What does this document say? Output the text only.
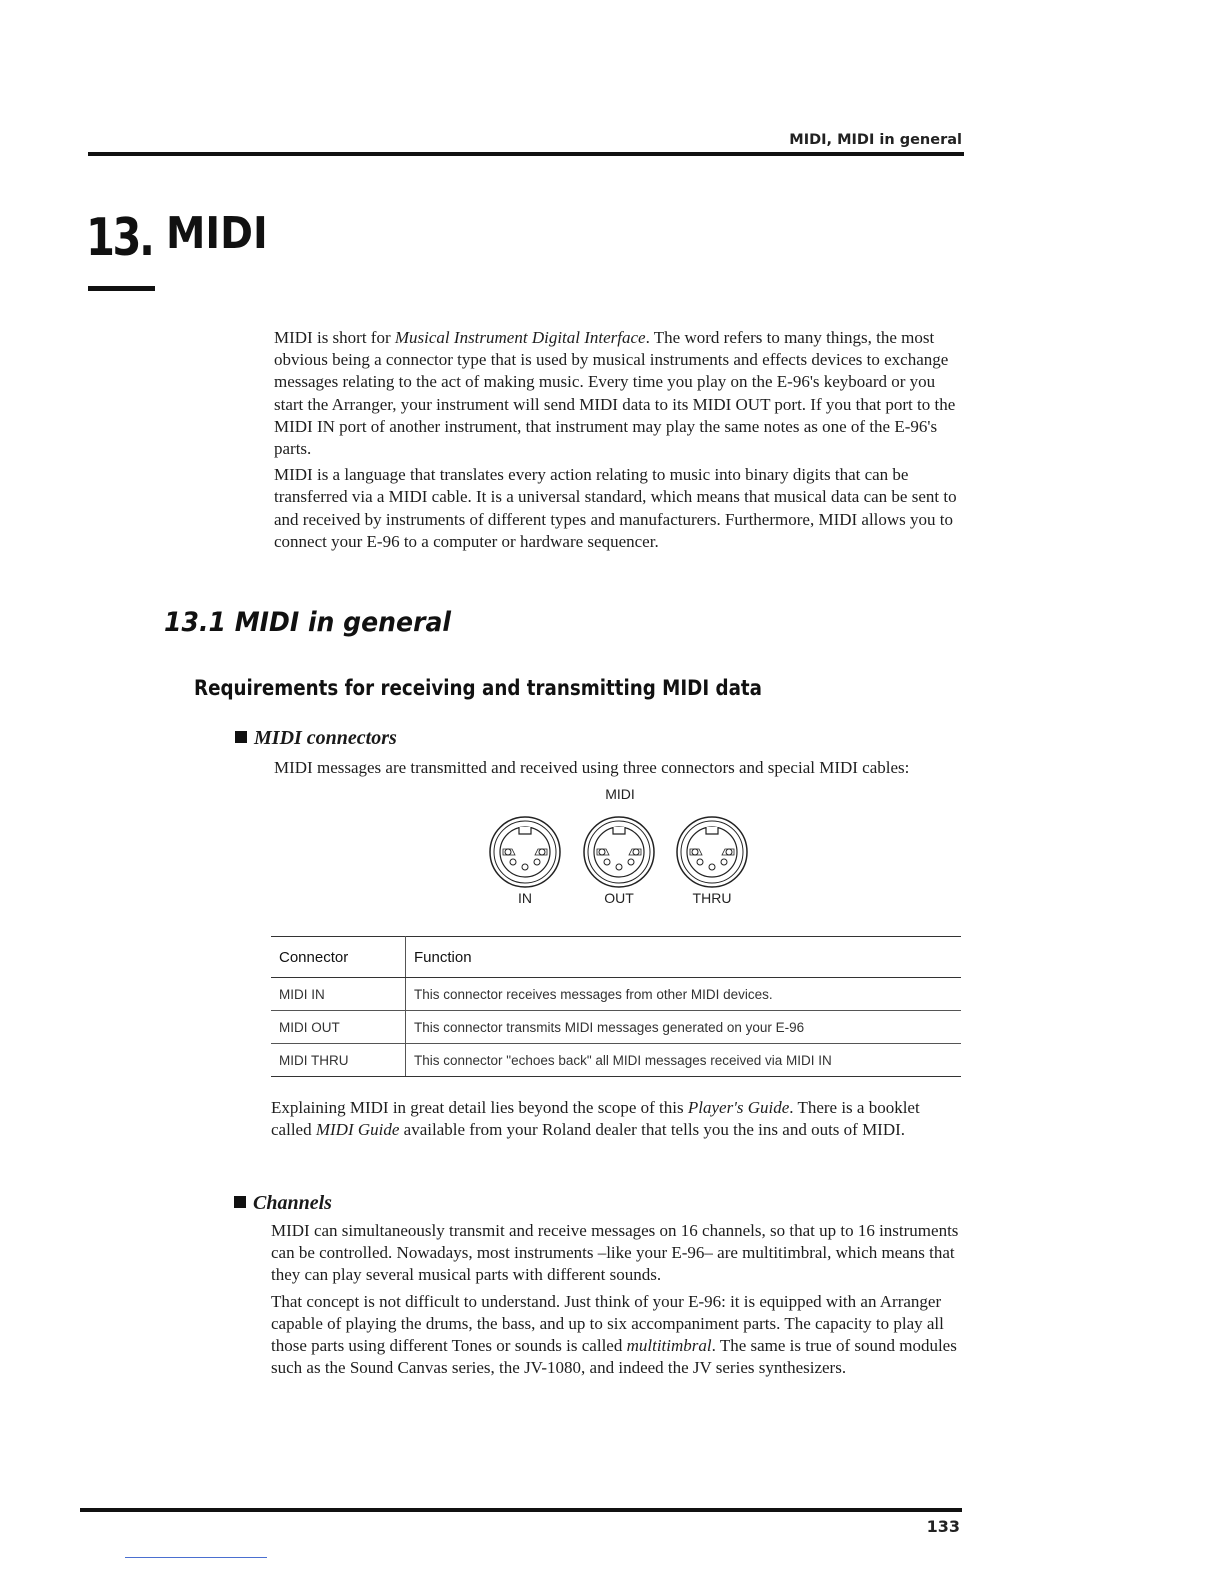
MIDI, MIDI in general
13. MIDI

MIDI is short for Musical Instrument Digital Interface. The word refers to many things, the most obvious being a connector type that is used by musical instruments and effects devices to exchange messages relating to the act of making music. Every time you play on the E-96's keyboard or you start the Arranger, your instrument will send MIDI data to its MIDI OUT port. If you that port to the MIDI IN port of another instrument, that instrument may play the same notes as one of the E-96's parts.

MIDI is a language that translates every action relating to music into binary digits that can be transferred via a MIDI cable. It is a universal standard, which means that musical data can be sent to and received by instruments of different types and manufacturers. Furthermore, MIDI allows you to connect your E-96 to a computer or hardware sequencer.

13.1 MIDI in general
Requirements for receiving and transmitting MIDI data
MIDI connectors
MIDI messages are transmitted and received using three connectors and special MIDI cables:
MIDI
IN	OUT	THRU
Connector	Function
MIDI IN	This connector receives messages from other MIDI devices.
MIDI OUT	This connector transmits MIDI messages generated on your E-96
MIDI THRU	This connector "echoes back" all MIDI messages received via MIDI IN

Explaining MIDI in great detail lies beyond the scope of this Player's Guide. There is a booklet called MIDI Guide available from your Roland dealer that tells you the ins and outs of MIDI.

Channels

MIDI can simultaneously transmit and receive messages on 16 channels, so that up to 16 instruments can be controlled. Nowadays, most instruments –like your E-96– are multitimbral, which means that they can play several musical parts with different sounds.

That concept is not difficult to understand. Just think of your E-96: it is equipped with an Arranger capable of playing the drums, the bass, and up to six accompaniment parts. The capacity to play all those parts using different Tones or sounds is called multitimbral. The same is true of sound modules such as the Sound Canvas series, the JV-1080, and indeed the JV series synthesizers.

133
